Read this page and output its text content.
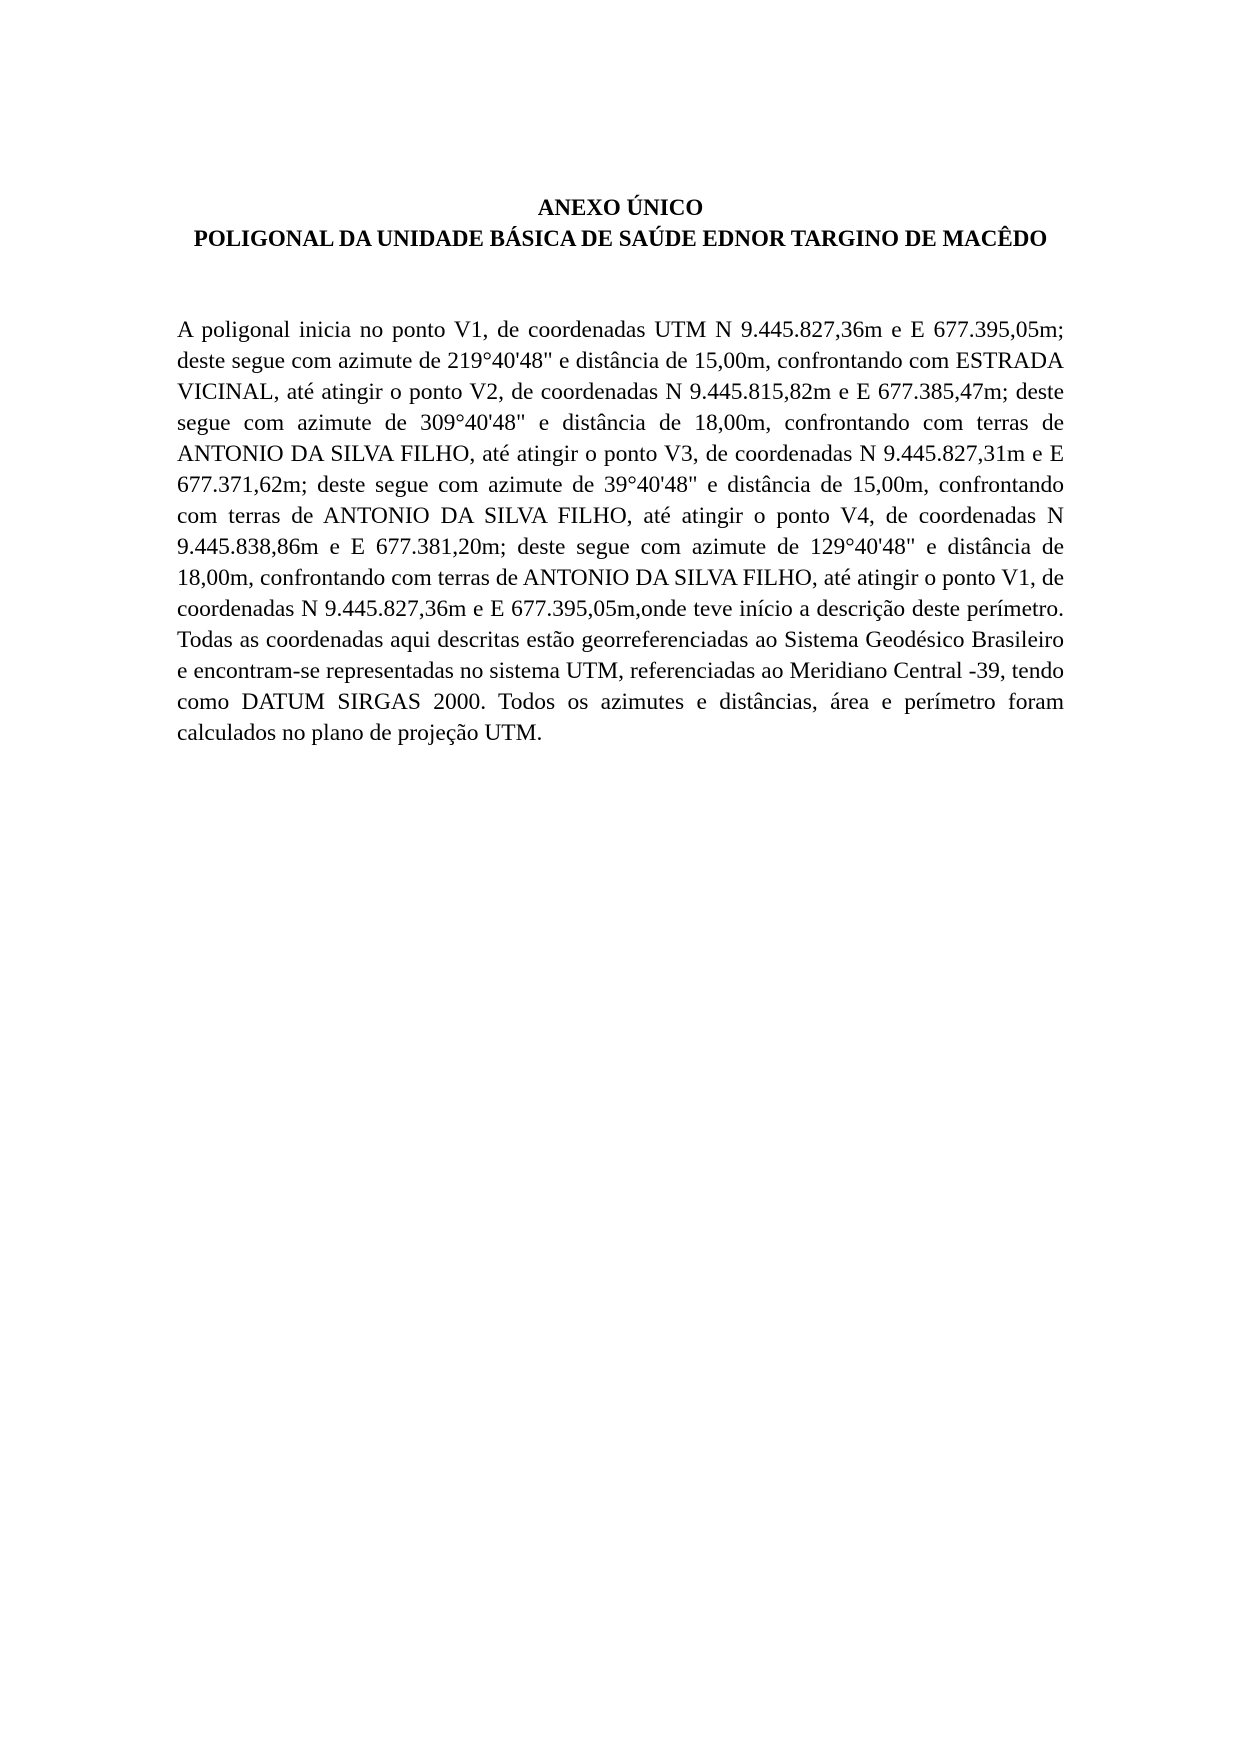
ANEXO ÚNICO
POLIGONAL DA UNIDADE BÁSICA DE SAÚDE EDNOR TARGINO DE MACÊDO

A poligonal inicia no ponto V1, de coordenadas UTM N 9.445.827,36m e E 677.395,05m; deste segue com azimute de 219°40'48" e distância de 15,00m, confrontando com ESTRADA VICINAL, até atingir o ponto V2, de coordenadas N 9.445.815,82m e E 677.385,47m; deste segue com azimute de 309°40'48" e distância de 18,00m, confrontando com terras de ANTONIO DA SILVA FILHO, até atingir o ponto V3, de coordenadas N 9.445.827,31m e E 677.371,62m; deste segue com azimute de 39°40'48" e distância de 15,00m, confrontando com terras de ANTONIO DA SILVA FILHO, até atingir o ponto V4, de coordenadas N 9.445.838,86m e E 677.381,20m; deste segue com azimute de 129°40'48" e distância de 18,00m, confrontando com terras de ANTONIO DA SILVA FILHO, até atingir o ponto V1, de coordenadas N 9.445.827,36m e E 677.395,05m,onde teve início a descrição deste perímetro. Todas as coordenadas aqui descritas estão georreferenciadas ao Sistema Geodésico Brasileiro e encontram-se representadas no sistema UTM, referenciadas ao Meridiano Central -39, tendo como DATUM SIRGAS 2000. Todos os azimutes e distâncias, área e perímetro foram calculados no plano de projeção UTM.
